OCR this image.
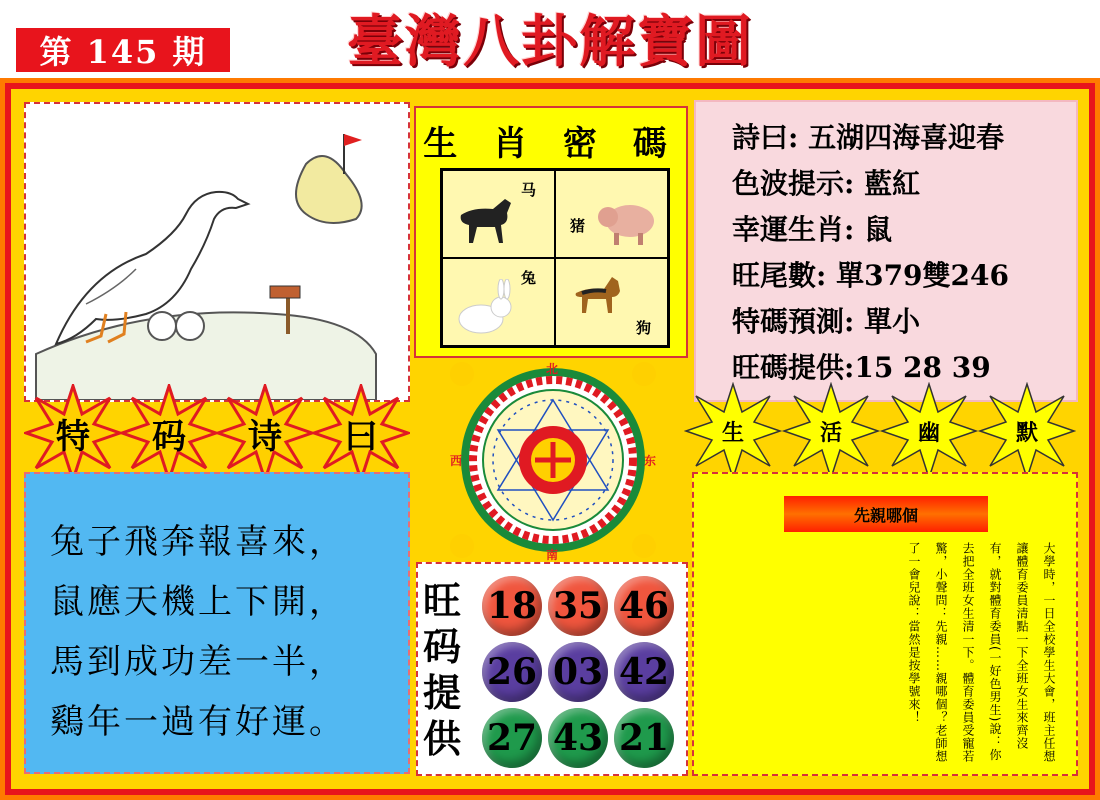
第 145 期	臺灣八卦解寶圖
生 肖 密 碼
马
猪
兔
狗
詩曰: 五湖四海喜迎春
色波提示: 藍紅
幸運生肖: 鼠
旺尾數: 單379雙246
特碼預測: 單小
旺碼提供:15 28 39
特	码	诗	曰	生	活	幽	默
北
东
南
西
兔子飛奔報喜來，
鼠應天機上下開，
馬到成功差一半，
鷄年一過有好運。
旺码提供
18 35 46
26 03 42
27 43 21
先親哪個
大學時，一日全校學生大會，班主任想讓體育委員清點一下全班女生來齊沒有，就對體育委員(一好色男生)說：你去把全班女生清一下。體育委員受寵若驚，小聲問：先親……親哪個？老師想了一會兒說：當然是按學號來！
